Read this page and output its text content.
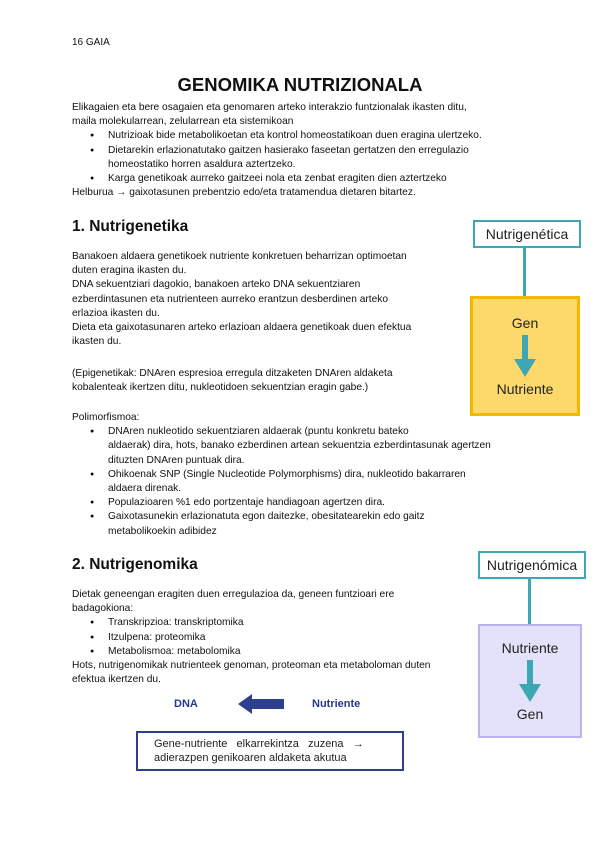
16 GAIA
GENOMIKA NUTRIZIONALA
Elikagaien eta bere osagaien eta genomaren arteko interakzio funtzionalak ikasten ditu,
maila molekularrean, zelularrean eta sistemikoan
● Nutrizioak bide metabolikoetan eta kontrol homeostatikoan duen eragina ulertzeko.
● Dietarekin erlazionatutako gaitzen hasierako faseetan gertatzen den erregulazio
homeostatiko horren asaldura aztertzeko.
● Karga genetikoak aurreko gaitzeei nola eta zenbat eragiten dien aztertzeko
Helburua → gaixotasunen prebentzio edo/eta tratamendua dietaren bitartez.
1. Nutrigenetika
Banakoen aldaera genetikoek nutriente konkretuen beharrizan optimoetan
duten eragina ikasten du.
DNA sekuentziari dagokio, banakoen arteko DNA sekuentziaren
ezberdintasunen eta nutrienteen aurreko erantzun desberdinen arteko
erlazioa ikasten du.
Dieta eta gaixotasunaren arteko erlazioan aldaera genetikoak duen efektua
ikasten du.
(Epigenetikak: DNAren espresioa erregula ditzaketen DNAren aldaketa
kobalenteak ikertzen ditu, nukleotidoen sekuentzian eragin gabe.)
Polimorfismoa:
● DNAren nukleotido sekuentziaren aldaerak (puntu konkretu bateko
aldaerak) dira, hots, banako ezberdinen artean sekuentzia ezberdintasunak agertzen
dituzten DNAren puntuak dira.
● Ohikoenak SNP (Single Nucleotide Polymorphisms) dira, nukleotido bakarraren
aldaera direnak.
● Populazioaren %1 edo portzentaje handiagoan agertzen dira.
● Gaixotasunekin erlazionatuta egon daitezke, obesitatearekin edo gaitz
metabolikoekin adibidez
Nutrigenética
Gen
Nutriente
2. Nutrigenomika
Dietak geneengan eragiten duen erregulazioa da, geneen funtzioari ere
badagokiona:
● Transkripzioa: transkriptomika
● Itzulpena: proteomika
● Metabolismoa: metabolomika
Hots, nutrigenomikak nutrienteek genoman, proteoman eta metaboloman duten
efektua ikertzen du.
DNA	Nutriente
Gene-nutriente   elkarrekintza   zuzena   →
adierazpen genikoaren aldaketa akutua
Nutrigenómica
Nutriente
Gen
